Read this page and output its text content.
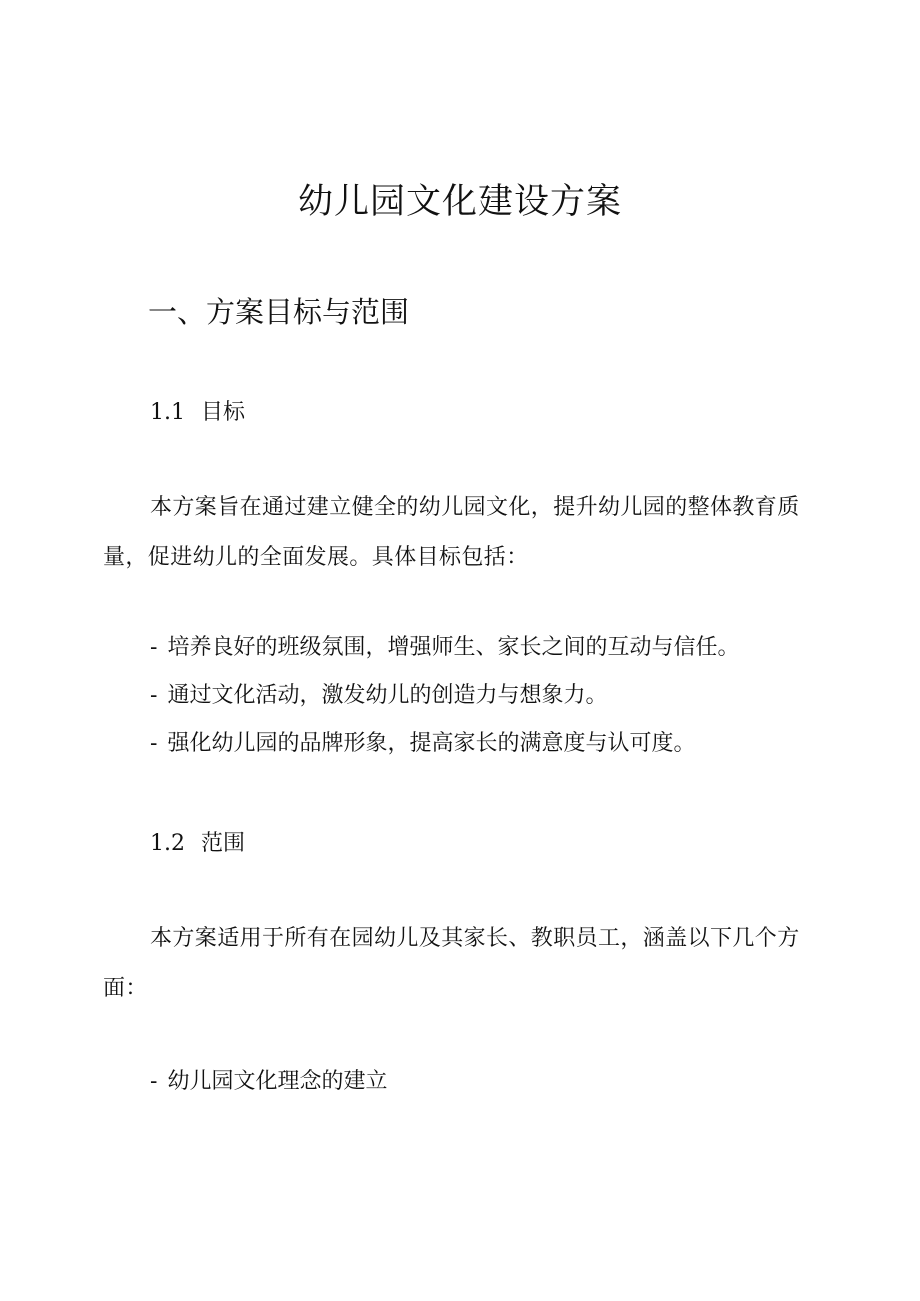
幼儿园文化建设方案
一、方案目标与范围
1.1 目标

本方案旨在通过建立健全的幼儿园文化，提升幼儿园的整体教育质量，促进幼儿的全面发展。具体目标包括：

- 培养良好的班级氛围，增强师生、家长之间的互动与信任。
- 通过文化活动，激发幼儿的创造力与想象力。
- 强化幼儿园的品牌形象，提高家长的满意度与认可度。
1.2 范围

本方案适用于所有在园幼儿及其家长、教职员工，涵盖以下几个方面：

- 幼儿园文化理念的建立
